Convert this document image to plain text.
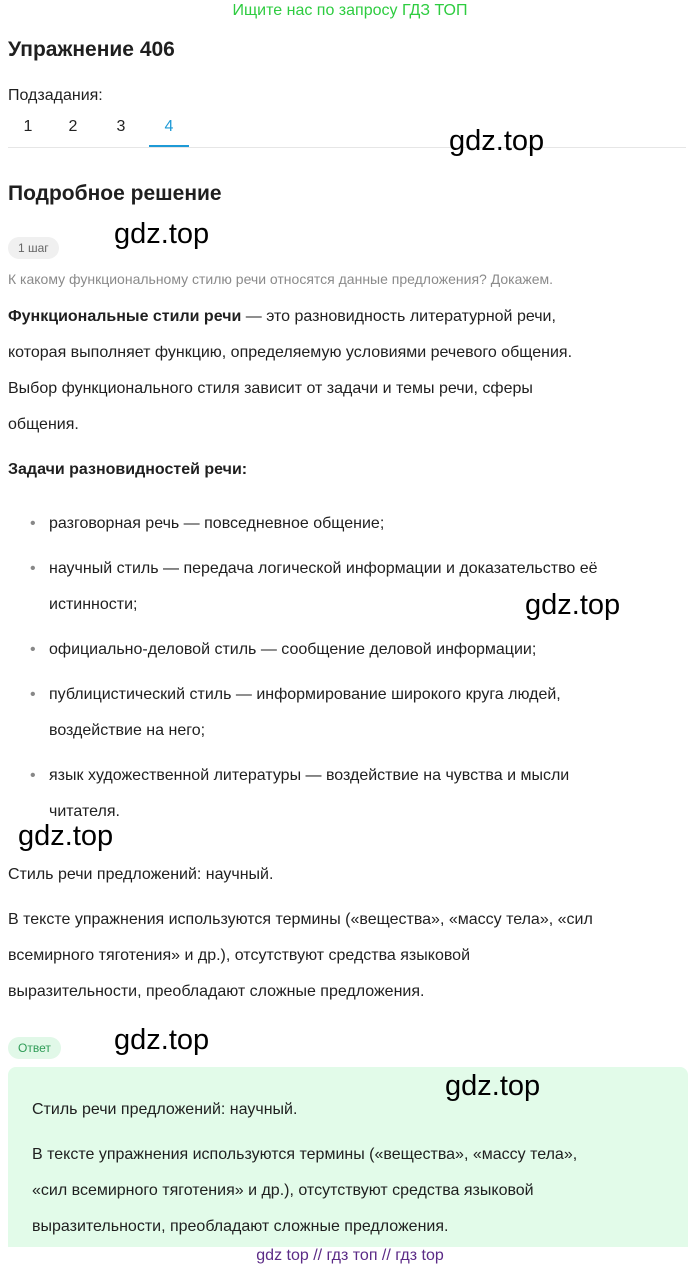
Ищите нас по запросу ГДЗ ТОП
Упражнение 406
Подзадания:
1	2	3	4	gdz.top
Подробное решение
1 шаг	gdz.top
К какому функциональному стилю речи относятся данные предложения? Докажем.
Функциональные стили речи — это разновидность литературной речи,
которая выполняет функцию, определяемую условиями речевого общения.
Выбор функционального стиля зависит от задачи и темы речи, сферы
общения.
Задачи разновидностей речи:
• разговорная речь — повседневное общение;
• научный стиль — передача логической информации и доказательство её
истинности;
• официально-деловой стиль — сообщение деловой информации;
• публицистический стиль — информирование широкого круга людей,
воздействие на него;
• язык художественной литературы — воздействие на чувства и мысли
читателя.
gdz.top
gdz.top
Стиль речи предложений: научный.
В тексте упражнения используются термины («вещества», «массу тела», «сил
всемирного тяготения» и др.), отсутствуют средства языковой
выразительности, преобладают сложные предложения.
Ответ	gdz.top
Стиль речи предложений: научный.
В тексте упражнения используются термины («вещества», «массу тела»,
«сил всемирного тяготения» и др.), отсутствуют средства языковой
выразительности, преобладают сложные предложения.
gdz.top
gdz top // гдз топ // гдз top
